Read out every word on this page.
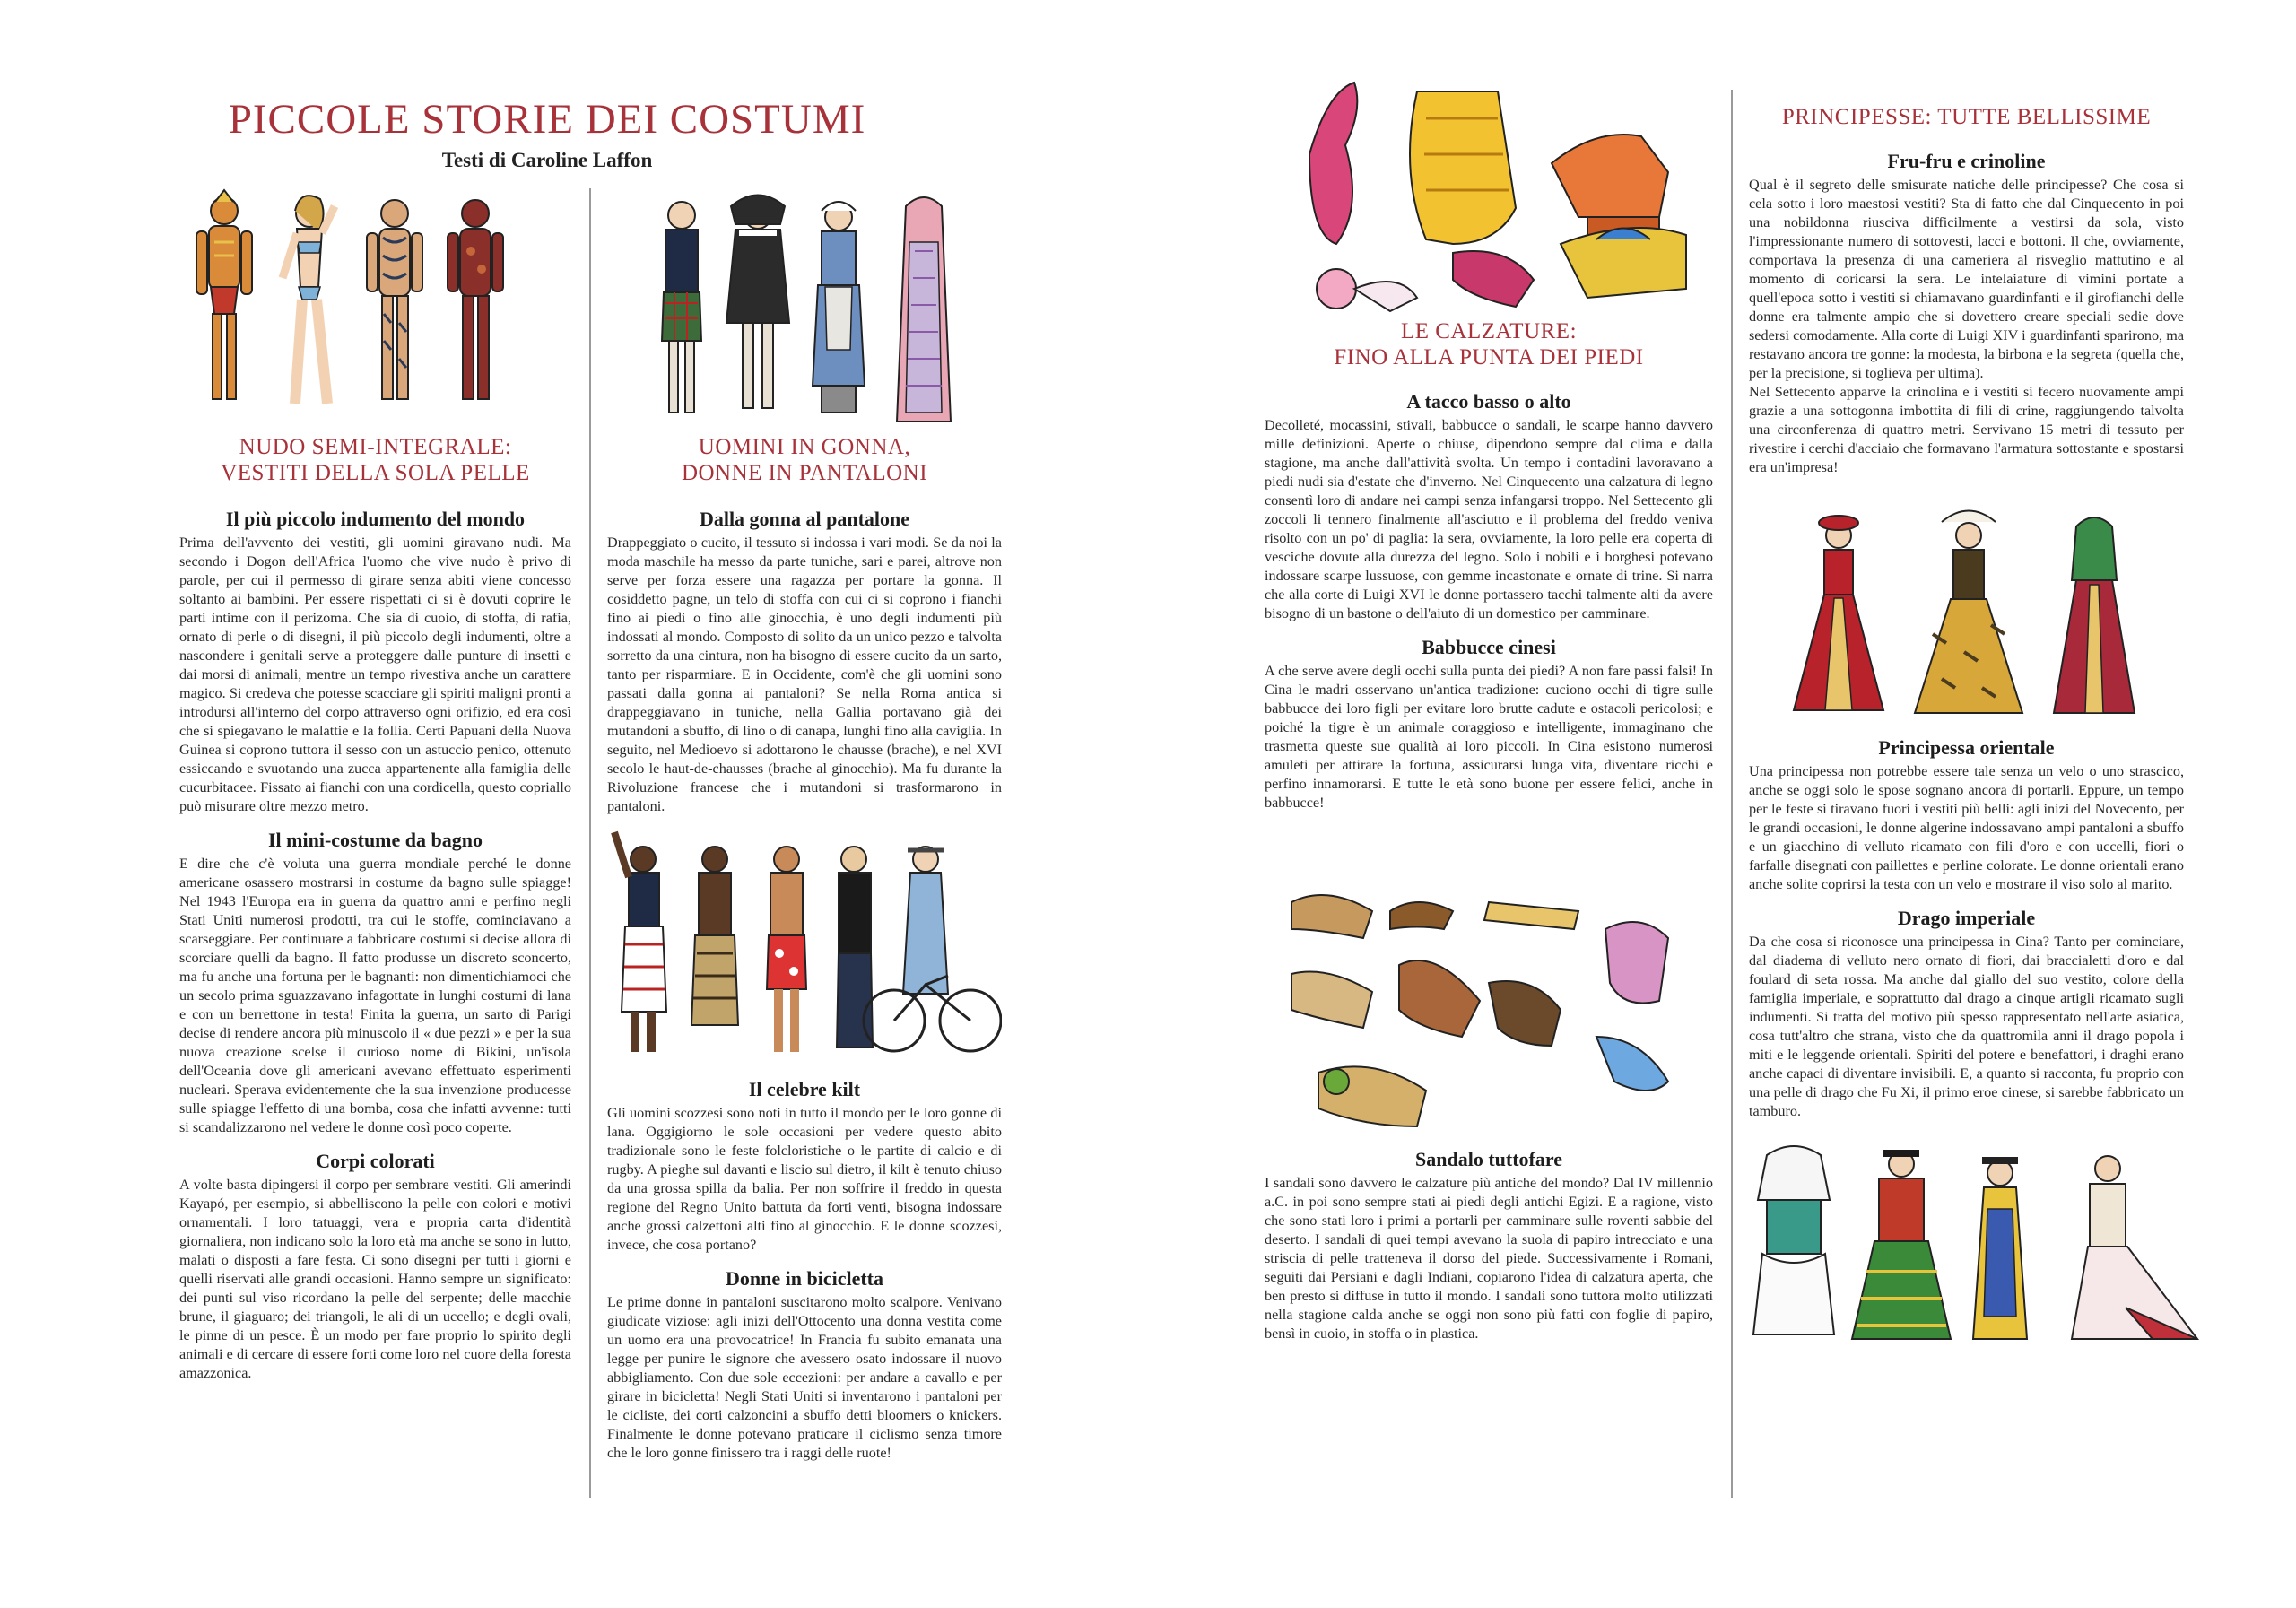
PICCOLE STORIE DEI COSTUMI
Testi di Caroline Laffon
NUDO SEMI-INTEGRALE:
VESTITI DELLA SOLA PELLE
Il più piccolo indumento del mondo
Prima dell'avvento dei vestiti, gli uomini giravano nudi. Ma secondo i Dogon dell'Africa l'uomo che vive nudo è privo di parole, per cui il permesso di girare senza abiti viene concesso soltanto ai bambini. Per essere rispettati ci si è dovuti coprire le parti intime con il perizoma. Che sia di cuoio, di stoffa, di rafia, ornato di perle o di disegni, il più piccolo degli indumenti, oltre a nascondere i genitali serve a proteggere dalle punture di insetti e dai morsi di animali, mentre un tempo rivestiva anche un carattere magico. Si credeva che potesse scacciare gli spiriti maligni pronti a introdursi all'interno del corpo attraverso ogni orifizio, ed era così che si spiegavano le malattie e la follia. Certi Papuani della Nuova Guinea si coprono tuttora il sesso con un astuccio penico, ottenuto essiccando e svuotando una zucca appartenente alla famiglia delle cucurbitacee. Fissato ai fianchi con una cordicella, questo copriallo può misurare oltre mezzo metro.
Il mini-costume da bagno
E dire che c'è voluta una guerra mondiale perché le donne americane osassero mostrarsi in costume da bagno sulle spiagge! Nel 1943 l'Europa era in guerra da quattro anni e perfino negli Stati Uniti numerosi prodotti, tra cui le stoffe, cominciavano a scarseggiare. Per continuare a fabbricare costumi si decise allora di scorciare quelli da bagno. Il fatto produsse un discreto sconcerto, ma fu anche una fortuna per le bagnanti: non dimentichiamoci che un secolo prima sguazzavano infagottate in lunghi costumi di lana e con un berrettone in testa! Finita la guerra, un sarto di Parigi decise di rendere ancora più minuscolo il « due pezzi » e per la sua nuova creazione scelse il curioso nome di Bikini, un'isola dell'Oceania dove gli americani avevano effettuato esperimenti nucleari. Sperava evidentemente che la sua invenzione producesse sulle spiagge l'effetto di una bomba, cosa che infatti avvenne: tutti si scandalizzarono nel vedere le donne così poco coperte.
Corpi colorati
A volte basta dipingersi il corpo per sembrare vestiti. Gli amerindi Kayapó, per esempio, si abbelliscono la pelle con colori e motivi ornamentali. I loro tatuaggi, vera e propria carta d'identità giornaliera, non indicano solo la loro età ma anche se sono in lutto, malati o disposti a fare festa. Ci sono disegni per tutti i giorni e quelli riservati alle grandi occasioni. Hanno sempre un significato: dei punti sul viso ricordano la pelle del serpente; delle macchie brune, il giaguaro; dei triangoli, le ali di un uccello; e degli ovali, le pinne di un pesce. È un modo per fare proprio lo spirito degli animali e di cercare di essere forti come loro nel cuore della foresta amazzonica.
UOMINI IN GONNA,
DONNE IN PANTALONI
Dalla gonna al pantalone
Drappeggiato o cucito, il tessuto si indossa i vari modi. Se da noi la moda maschile ha messo da parte tuniche, sari e parei, altrove non serve per forza essere una ragazza per portare la gonna. Il cosiddetto pagne, un telo di stoffa con cui ci si coprono i fianchi fino ai piedi o fino alle ginocchia, è uno degli indumenti più indossati al mondo. Composto di solito da un unico pezzo e talvolta sorretto da una cintura, non ha bisogno di essere cucito da un sarto, tanto per risparmiare. E in Occidente, com'è che gli uomini sono passati dalla gonna ai pantaloni? Se nella Roma antica si drappeggiavano in tuniche, nella Gallia portavano già dei mutandoni a sbuffo, di lino o di canapa, lunghi fino alla caviglia. In seguito, nel Medioevo si adottarono le chausse (brache), e nel XVI secolo le haut-de-chausses (brache al ginocchio). Ma fu durante la Rivoluzione francese che i mutandoni si trasformarono in pantaloni.
Il celebre kilt
Gli uomini scozzesi sono noti in tutto il mondo per le loro gonne di lana. Oggigiorno le sole occasioni per vedere questo abito tradizionale sono le feste folcloristiche o le partite di calcio e di rugby. A pieghe sul davanti e liscio sul dietro, il kilt è tenuto chiuso da una grossa spilla da balia. Per non soffrire il freddo in questa regione del Regno Unito battuta da forti venti, bisogna indossare anche grossi calzettoni alti fino al ginocchio. E le donne scozzesi, invece, che cosa portano?
Donne in bicicletta
Le prime donne in pantaloni suscitarono molto scalpore. Venivano giudicate viziose: agli inizi dell'Ottocento una donna vestita come un uomo era una provocatrice! In Francia fu subito emanata una legge per punire le signore che avessero osato indossare il nuovo abbigliamento. Con due sole eccezioni: per andare a cavallo e per girare in bicicletta! Negli Stati Uniti si inventarono i pantaloni per le cicliste, dei corti calzoncini a sbuffo detti bloomers o knickers. Finalmente le donne potevano praticare il ciclismo senza timore che le loro gonne finissero tra i raggi delle ruote!
LE CALZATURE:
FINO ALLA PUNTA DEI PIEDI
A tacco basso o alto
Decolleté, mocassini, stivali, babbucce o sandali, le scarpe hanno davvero mille definizioni. Aperte o chiuse, dipendono sempre dal clima e dalla stagione, ma anche dall'attività svolta. Un tempo i contadini lavoravano a piedi nudi sia d'estate che d'inverno. Nel Cinquecento una calzatura di legno consentì loro di andare nei campi senza infangarsi troppo. Nel Settecento gli zoccoli li tennero finalmente all'asciutto e il problema del freddo veniva risolto con un po' di paglia: la sera, ovviamente, la loro pelle era coperta di vesciche dovute alla durezza del legno. Solo i nobili e i borghesi potevano indossare scarpe lussuose, con gemme incastonate e ornate di trine. Si narra che alla corte di Luigi XVI le donne portassero tacchi talmente alti da avere bisogno di un bastone o dell'aiuto di un domestico per camminare.
Babbucce cinesi
A che serve avere degli occhi sulla punta dei piedi? A non fare passi falsi! In Cina le madri osservano un'antica tradizione: cuciono occhi di tigre sulle babbucce dei loro figli per evitare loro brutte cadute e ostacoli pericolosi; e poiché la tigre è un animale coraggioso e intelligente, immaginano che trasmetta queste sue qualità ai loro piccoli. In Cina esistono numerosi amuleti per attirare la fortuna, assicurarsi lunga vita, diventare ricchi e perfino innamorarsi. E tutte le età sono buone per essere felici, anche in babbucce!
Sandalo tuttofare
I sandali sono davvero le calzature più antiche del mondo? Dal IV millennio a.C. in poi sono sempre stati ai piedi degli antichi Egizi. E a ragione, visto che sono stati loro i primi a portarli per camminare sulle roventi sabbie del deserto. I sandali di quei tempi avevano la suola di papiro intrecciato e una striscia di pelle tratteneva il dorso del piede. Successivamente i Romani, seguiti dai Persiani e dagli Indiani, copiarono l'idea di calzatura aperta, che ben presto si diffuse in tutto il mondo. I sandali sono tuttora molto utilizzati nella stagione calda anche se oggi non sono più fatti con foglie di papiro, bensì in cuoio, in stoffa o in plastica.
PRINCIPESSE: TUTTE BELLISSIME
Fru-fru e crinoline

Qual è il segreto delle smisurate natiche delle principesse? Che cosa si cela sotto i loro maestosi vestiti? Sta di fatto che dal Cinquecento in poi una nobildonna riusciva difficilmente a vestirsi da sola, visto l'impressionante numero di sottovesti, lacci e bottoni. Il che, ovviamente, comportava la presenza di una cameriera al risveglio mattutino e al momento di coricarsi la sera. Le intelaiature di vimini portate a quell'epoca sotto i vestiti si chiamavano guardinfanti e il girofianchi delle donne era talmente ampio che si dovettero creare speciali sedie dove sedersi comodamente. Alla corte di Luigi XIV i guardinfanti sparirono, ma restavano ancora tre gonne: la modesta, la birbona e la segreta (quella che, per la precisione, si toglieva per ultima).

Nel Settecento apparve la crinolina e i vestiti si fecero nuovamente ampi grazie a una sottogonna imbottita di fili di crine, raggiungendo talvolta una circonferenza di quattro metri. Servivano 15 metri di tessuto per rivestire i cerchi d'acciaio che formavano l'armatura sottostante e spostarsi era un'impresa!

Principessa orientale
Una principessa non potrebbe essere tale senza un velo o uno strascico, anche se oggi solo le spose sognano ancora di portarli. Eppure, un tempo per le feste si tiravano fuori i vestiti più belli: agli inizi del Novecento, per le grandi occasioni, le donne algerine indossavano ampi pantaloni a sbuffo e un giacchino di velluto ricamato con fili d'oro e con uccelli, fiori o farfalle disegnati con paillettes e perline colorate. Le donne orientali erano anche solite coprirsi la testa con un velo e mostrare il viso solo al marito.
Drago imperiale
Da che cosa si riconosce una principessa in Cina? Tanto per cominciare, dal diadema di velluto nero ornato di fiori, dai braccialetti d'oro e dal foulard di seta rossa. Ma anche dal giallo del suo vestito, colore della famiglia imperiale, e soprattutto dal drago a cinque artigli ricamato sugli indumenti. Si tratta del motivo più spesso rappresentato nell'arte asiatica, cosa tutt'altro che strana, visto che da quattromila anni il drago popola i miti e le leggende orientali. Spiriti del potere e benefattori, i draghi erano anche capaci di diventare invisibili. E, a quanto si racconta, fu proprio con una pelle di drago che Fu Xi, il primo eroe cinese, si sarebbe fabbricato un tamburo.
